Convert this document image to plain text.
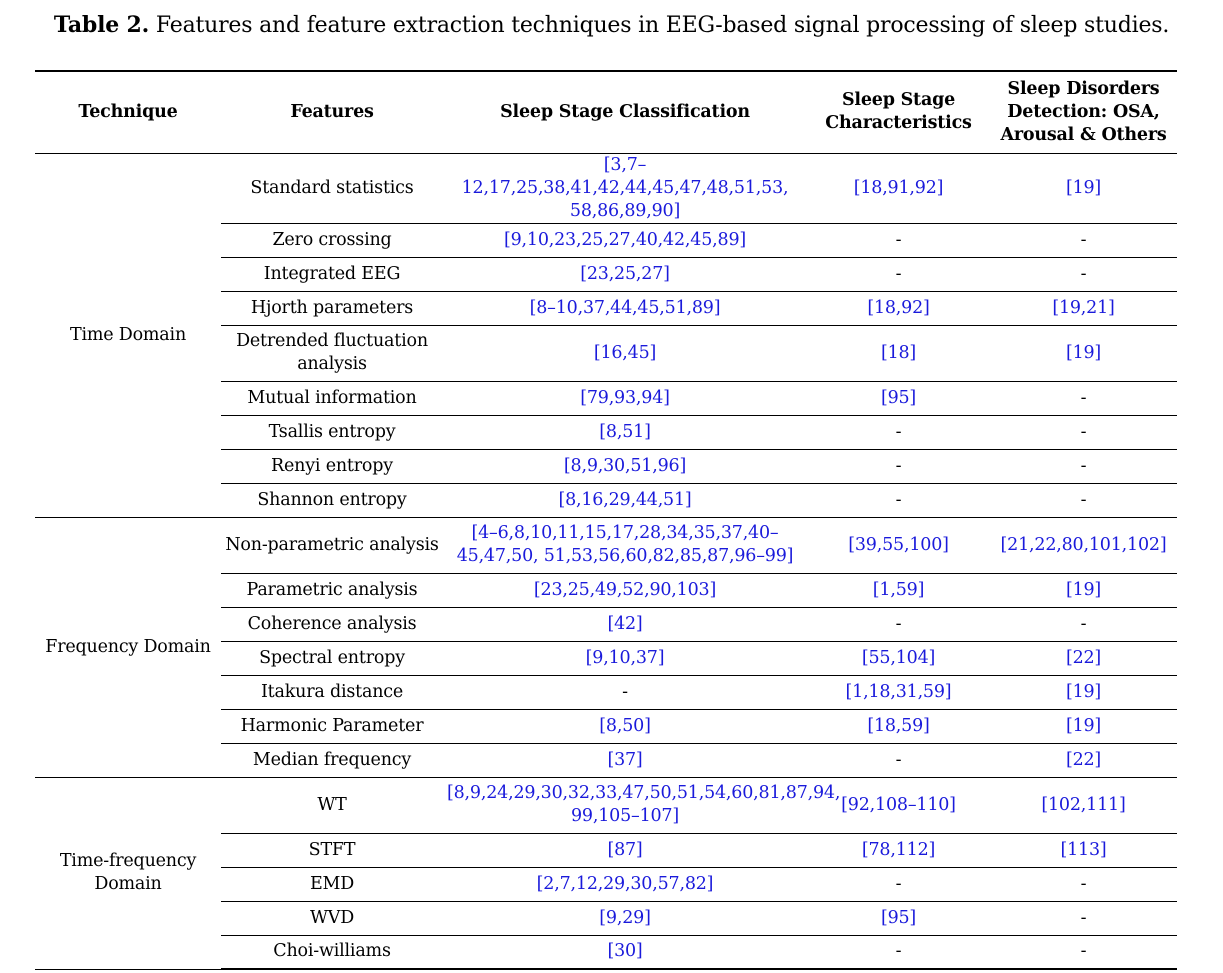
Table 2. Features and feature extraction techniques in EEG-based signal processing of sleep studies.
Technique	Features	Sleep Stage Classification	Sleep Stage Characteristics	Sleep Disorders Detection: OSA, Arousal & Others
Time Domain	Standard statistics	[3,7–12,17,25,38,41,42,44,45,47,48,51,53, 58,86,89,90]	[18,91,92]	[19]
	Zero crossing	[9,10,23,25,27,40,42,45,89]	-	-
	Integrated EEG	[23,25,27]	-	-
	Hjorth parameters	[8–10,37,44,45,51,89]	[18,92]	[19,21]
	Detrended fluctuation analysis	[16,45]	[18]	[19]
	Mutual information	[79,93,94]	[95]	-
	Tsallis entropy	[8,51]	-	-
	Renyi entropy	[8,9,30,51,96]	-	-
	Shannon entropy	[8,16,29,44,51]	-	-
Frequency Domain	Non-parametric analysis	[4–6,8,10,11,15,17,28,34,35,37,40–45,47,50, 51,53,56,60,82,85,87,96–99]	[39,55,100]	[21,22,80,101,102]
	Parametric analysis	[23,25,49,52,90,103]	[1,59]	[19]
	Coherence analysis	[42]	-	-
	Spectral entropy	[9,10,37]	[55,104]	[22]
	Itakura distance	-	[1,18,31,59]	[19]
	Harmonic Parameter	[8,50]	[18,59]	[19]
	Median frequency	[37]	-	[22]
Time-frequency Domain	WT	[8,9,24,29,30,32,33,47,50,51,54,60,81,87,94, 99,105–107]	[92,108–110]	[102,111]
	STFT	[87]	[78,112]	[113]
	EMD	[2,7,12,29,30,57,82]	-	-
	WVD	[9,29]	[95]	-
	Choi-williams	[30]	-	-
